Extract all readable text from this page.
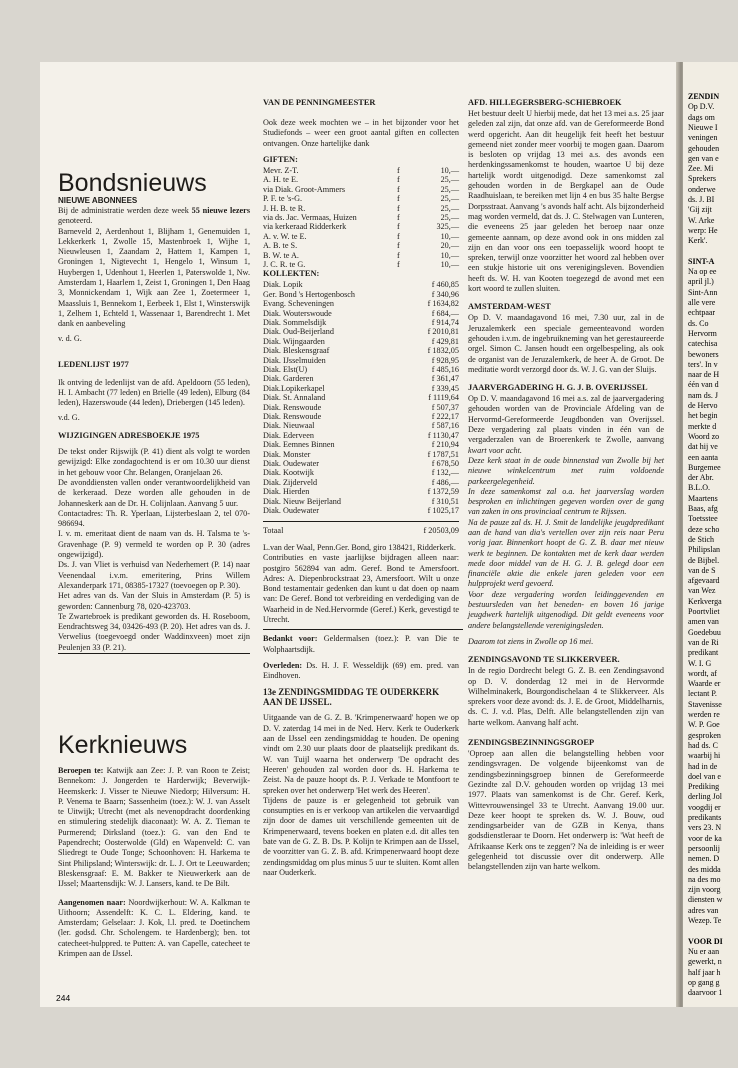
Bondsnieuws
NIEUWE ABONNEES

Bij de administratie werden deze week 55 nieuwe lezers genoteerd.

Barneveld 2, Aerdenhout 1, Blijham 1, Genemuiden 1, Lekkerkerk 1, Zwolle 15, Mastenbroek 1, Wijhe 1, Nieuwleusen 1, Zaandam 2, Hattem 1, Kampen 1, Groningen 1, Nigtevecht 1, Hengelo 1, Winsum 1, Huybergen 1, Udenhout 1, Heerlen 1, Paterswolde 1, Nw. Amsterdam 1, Haarlem 1, Zeist 1, Groningen 1, Den Haag 3, Monnickendam 1, Wijk aan Zee 1, Zoetermeer 1, Maassluis 1, Bennekom 1, Eerbeek 1, Elst 1, Winsterswijk 1, Zelhem 1, Echteld 1, Wassenaar 1, Barendrecht 1. Met dank en aanbeveling

v. d. G.

LEDENLIJST 1977

Ik ontving de ledenlijst van de afd. Apeldoorn (55 leden), H. I. Ambacht (77 leden) en Brielle (49 leden), Elburg (84 leden), Hazerswoude (44 leden), Driebergen (145 leden).

v.d. G.

WIJZIGINGEN ADRESBOEKJE 1975

De tekst onder Rijswijk (P. 41) dient als volgt te worden gewijzigd: Elke zondagochtend is er om 10.30 uur dienst in het gebouw voor Chr. Belangen, Oranjelaan 26.

De avonddiensten vallen onder verantwoordelijkheid van de kerkeraad. Deze worden alle gehouden in de Johanneskerk aan de Dr. H. Colijnlaan. Aanvang 5 uur.

Contactadres: Th. R. Yperlaan, Lijsterbeslaan 2, tel 070-986694.

I. v. m. emeritaat dient de naam van ds. H. Talsma te 's-Gravenhage (P. 9) vermeld te worden op P. 30 (adres ongewijzigd).

Ds. J. van Vliet is verhuisd van Nederhemert (P. 14) naar Veenendaal i.v.m. emeritering, Prins Willem Alexanderpark 171, 08385-17327 (toevoegen op P. 30).

Het adres van ds. Van der Sluis in Amsterdam (P. 5) is geworden: Cannenburg 78, 020-423703.

Te Zwartebroek is predikant geworden ds. H. Roseboom, Eendrachtsweg 34, 03426-493 (P. 20). Het adres van ds. J. Verwelius (toegevoegd onder Waddinxveen) moet zijn Peulenjen 33 (P. 21).

Kerknieuws

Beroepen te: Katwijk aan Zee: J. P. van Roon te Zeist; Bennekom: J. Jongerden te Harderwijk; Beverwijk-Heemskerk: J. Visser te Nieuwe Niedorp; Hilversum: H. P. Venema te Baarn; Sassenheim (toez.): W. J. van Asselt te Uitwijk; Utrecht (met als nevenopdracht doordenking en stimulering stedelijk diaconaat): W. A. Z. Tieman te Purmerend; Dirksland (toez.): G. van den End te Papendrecht; Oosterwolde (Gld) en Wapenveld: C. van Sliedregt te Oude Tonge; Schoonhoven: H. Harkema te Sint Philipsland; Winterswijk: dr. L. J. Ort te Leeuwarden; Bleskensgraaf: E. M. Bakker te Nieuwerkerk aan de IJssel; Maartensdijk: W. J. Lansers, kand. te De Bilt.

Aangenomen naar: Noordwijkerhout: W. A. Kalkman te Uithoorn; Assendelft: K. C. L. Eldering, kand. te Amsterdam; Gelselaar: J. Kok, l.l. pred. te Doetinchem (ler. godsd. Chr. Scholengem. te Hardenberg); ben. tot catecheet-hulppred. te Putten: A. van Capelle, catecheet te Krimpen aan de IJssel.

244
VAN DE PENNINGMEESTER

Ook deze week mochten we – in het bijzonder voor het Studiefonds – weer een groot aantal giften en collecten ontvangen. Onze hartelijke dank

GIFTEN:
Mevr. Z-T.	f	10,—
A. H. te E.	f	25,—
via Diak. Groot-Ammers	f	25,—
P. F. te 's-G.	f	25,—
J. H. B. te R.	f	25,—
via ds. Jac. Vermaas, Huizen	f	25,—
via kerkeraad Ridderkerk	f	325,—
A. v. W. te E.	f	10,—
A. B. te S.	f	20,—
B. W. te A.	f	10,—
J. C. R. te G.	f	10,—
KOLLEKTEN:
Diak. Lopik	f 460,85
Ger. Bond 's Hertogenbosch	f 340,96
Evang. Scheveningen	f 1634,82
Diak. Wouterswoude	f 684,—
Diak. Sommelsdijk	f 914,74
Diak. Oud-Beijerland	f 2010,81
Diak. Wijngaarden	f 429,81
Diak. Bleskensgraaf	f 1832,05
Diak. IJsselmuiden	f 928,95
Diak. Elst(U)	f 485,16
Diak. Garderen	f 361,47
Diak.Lopikerkapel	f 339,45
Diak. St. Annaland	f 1119,64
Diak. Renswoude	f 507,37
Diak. Renswoude	f 222,17
Diak. Nieuwaal	f 587,16
Diak. Ederveen	f 1130,47
Diak. Eemnes Binnen	f 210,94
Diak. Monster	f 1787,51
Diak. Oudewater	f 678,50
Diak. Kootwijk	f 132,—
Diak. Zijderveld	f 486,—
Diak. Hierden	f 1372,59
Diak. Nieuw Beijerland	f 310,51
Diak. Oudewater	f 1025,17
Totaal	f 20503,09

L.van der Waal, Penn.Ger. Bond, giro 138421, Ridderkerk.

Contributies en vaste jaarlijkse bijdragen alleen naar: postgiro 562894 van adm. Geref. Bond te Amersfoort. Adres: A. Diepenbrockstraat 23, Amersfoort. Wilt u onze Bond testamentair gedenken dan kunt u dat doen op naam van: De Geref. Bond tot verbreiding en verdediging van de Waarheid in de Ned.Hervormde (Geref.) Kerk, gevestigd te Utrecht.

Bedankt voor: Geldermalsen (toez.): P. van Die te Wolphaartsdijk.

Overleden: Ds. H. J. F. Wesseldijk (69) em. pred. van Eindhoven.

13e ZENDINGSMIDDAG TE OUDERKERK AAN DE IJSSEL.

Uitgaande van de G. Z. B. 'Krimpenerwaard' hopen we op D. V. zaterdag 14 mei in de Ned. Herv. Kerk te Ouderkerk aan de IJssel een zendingsmiddag te houden. De opening vindt om 2.30 uur plaats door de plaatselijk predikant ds. W. van Tuijl waarna het onderwerp 'De opdracht des Heeren' gehouden zal worden door ds. H. Harkema te Zeist. Na de pauze hoopt ds. P. J. Verkade te Montfoort te spreken over het onderwerp 'Het werk des Heeren'.

Tijdens de pauze is er gelegenheid tot gebruik van consumpties en is er verkoop van artikelen die vervaardigd zijn door de dames uit verschillende gemeenten uit de Krimpenerwaard, tevens boeken en platen e.d. dit alles ten bate van de G. Z. B. Ds. P. Kolijn te Krimpen aan de IJssel, de voorzitter van G. Z. B. afd. Krimpenerwaard hoopt deze zendingsmiddag om plus minus 5 uur te sluiten. Komt allen naar Ouderkerk.

AFD. HILLEGERSBERG-SCHIEBROEK

Het bestuur deelt U hierbij mede, dat het 13 mei a.s. 25 jaar geleden zal zijn, dat onze afd. van de Gereformeerde Bond werd opgericht. Aan dit heugelijk feit heeft het bestuur gemeend niet zonder meer voorbij te mogen gaan. Daarom is besloten op vrijdag 13 mei a.s. des avonds een herdenkingssamenkomst te houden, waartoe U bij deze hartelijk wordt uitgenodigd. Deze samenkomst zal gehouden worden in de Bergkapel aan de Oude Raadhuislaan, te bereiken met lijn 4 en bus 35 halte Bergse Dorpsstraat. Aanvang 's avonds half acht. Als bijzonderheid mag worden vermeld, dat ds. J. C. Stelwagen van Lunteren, die eveneens 25 jaar geleden het beroep naar onze gemeente aannam, op deze avond ook in ons midden zal zijn en dan voor ons een toepasselijk woord hoopt te spreken, terwijl onze voorzitter het woord zal hebben over een stukje historie uit ons verenigingsleven. Bovendien heeft ds. W. H. van Kooten toegezegd de avond met een kort woord te zullen sluiten.

AMSTERDAM-WEST

Op D. V. maandagavond 16 mei, 7.30 uur, zal in de Jeruzalemkerk een speciale gemeenteavond worden gehouden i.v.m. de ingebruikneming van het gerestaureerde orgel. Simon C. Jansen houdt een orgelbespeling, als ook de organist van de Jeruzalemkerk, de heer A. de Groot. De meditatie wordt verzorgd door ds. W. J. G. van der Sluijs.

JAARVERGADERING H. G. J. B. OVERIJSSEL

Op D. V. maandagavond 16 mei a.s. zal de jaarvergadering gehouden worden van de Provinciale Afdeling van de Hervormd-Gereformeerde Jeugdbonden van Overijssel. Deze vergadering zal plaats vinden in één van de vergaderzalen van de Broerenkerk te Zwolle, aanvang kwart voor acht.

Deze kerk staat in de oude binnenstad van Zwolle bij het nieuwe winkelcentrum met ruim voldoende parkeergelegenheid.

In deze samenkomst zal o.a. het jaarverslag worden besproken en inlichtingen gegeven worden over de gang van zaken in ons provinciaal centrum te Rijssen.

Na de pauze zal ds. H. J. Smit de landelijke jeugdpredikant aan de hand van dia's vertellen over zijn reis naar Peru vorig jaar. Binnenkort hoopt de G. Z. B. daar met nieuw werk te beginnen. De kontakten met de kerk daar werden mede door middel van de H. G. J. B. gelegd door een financiële aktie die enkele jaren geleden voor een hulpprojekt werd gevoerd.

Voor deze vergadering worden leidinggevenden en bestuursleden van het beneden- en boven 16 jarige jeugdwerk hartelijk uitgenodigd. Dit geldt eveneens voor andere belangstellende verenigingsleden.

Daarom tot ziens in Zwolle op 16 mei.

ZENDINGSAVOND TE SLIKKERVEER.

In de regio Dordrecht belegt G. Z. B. een Zendingsavond op D. V. donderdag 12 mei in de Hervormde Wilhelminakerk, Bourgondischelaan 4 te Slikkerveer. Als sprekers voor deze avond: ds. J. E. de Groot, Middelharnis, ds. C. J. v.d. Plas, Delft. Alle belangstellenden zijn van harte welkom. Aanvang half acht.

ZENDINGSBEZINNINGSGROEP

'Oproep aan allen die belangstelling hebben voor zendingsvragen. De volgende bijeenkomst van de zendingsbezinningsgroep binnen de Gereformeerde Gezindte zal D.V. gehouden worden op vrijdag 13 mei 1977. Plaats van samenkomst is de Chr. Geref. Kerk, Wittevrouwensingel 33 te Utrecht. Aanvang 19.00 uur. Deze keer hoopt te spreken ds. W. J. Bouw, oud zendingsarbeider van de GZB in Kenya, thans godsdienstleraar te Doorn. Het onderwerp is: 'Wat heeft de Afrikaanse Kerk ons te zeggen'? Na de inleiding is er weer gelegenheid tot discussie over dit onderwerp. Alle belangstellenden zijn van harte welkom.

ZENDIN
Op D.V.
dags om
Nieuwe I
veningen
gehouden
gen van e
Zee. Mi
Sprekers
onderwe
ds. J. BI
'Gij zijt
W. Arke
werp: He
Kerk'.
SINT-A
Na op ee
april jl.)
Sint-Ann
alle vere
echtpaar
ds. Co
Hervorm
catechisa
bewoners
ters'. In v
naar de H
één van d
nam ds. J
de Hervo
het begin
merkte d
Woord zo
dat hij ve
een aanta
Burgemee
der Abr.
B.L.O.
Maartens
Baas, afg
Toetsstee
deze scho
de Stich
Philipslan
de Bijbel.
van de S
afgevaard
van Wez
Kerkverga
Poortvliet
amen van
Goedebuu
van de Ri
predikant
W. I. G
wordt, af
Waarde er
lectant P.
Stavenisse
werden re
W. P. Goe
gesproken
had ds. C
waarbij hi
had in de
doel van e
Prediking
derling Jol
voogdij er
predikants
vers 23. N
voor de ka
persoonlij
nemen. D
des midda
na des mo
zijn voorg
diensten w
adres van
Wezep. Te
VOOR DI
Nu er aan
gewerkt, n
half jaar h
op gang g
daarvoor 1
